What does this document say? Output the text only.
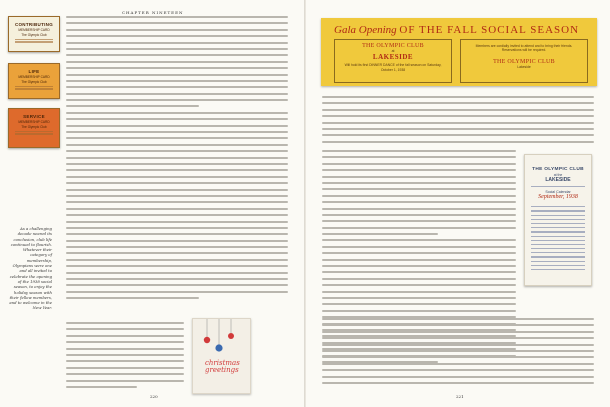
CHAPTER NINETEEN
CONTRIBUTING
MEMBERSHIP CARD
The Olympic Club
LIFE
MEMBERSHIP CARD
The Olympic Club
SERVICE
MEMBERSHIP CARD
The Olympic Club
As a challenging decade neared its conclusion, club life continued to flourish. Whatever their category of membership, Olympians were one and all invited to celebrate the opening of the 1938 social season, to enjoy the holiday season with their fellow members, and to welcome in the New Year.
christmas greetings
220
Gala Opening OF THE FALL SOCIAL SEASON
THE OLYMPIC CLUB
at
LAKESIDE
Will hold its first DINNER DANCE of the fall season on Saturday, October 1, 1938
Members are cordially invited to attend and to bring their friends. Reservations will be required.
THE OLYMPIC CLUB
Lakeside
THE OLYMPIC CLUB
at the
LAKESIDE
Social Calendar
September, 1938
221
